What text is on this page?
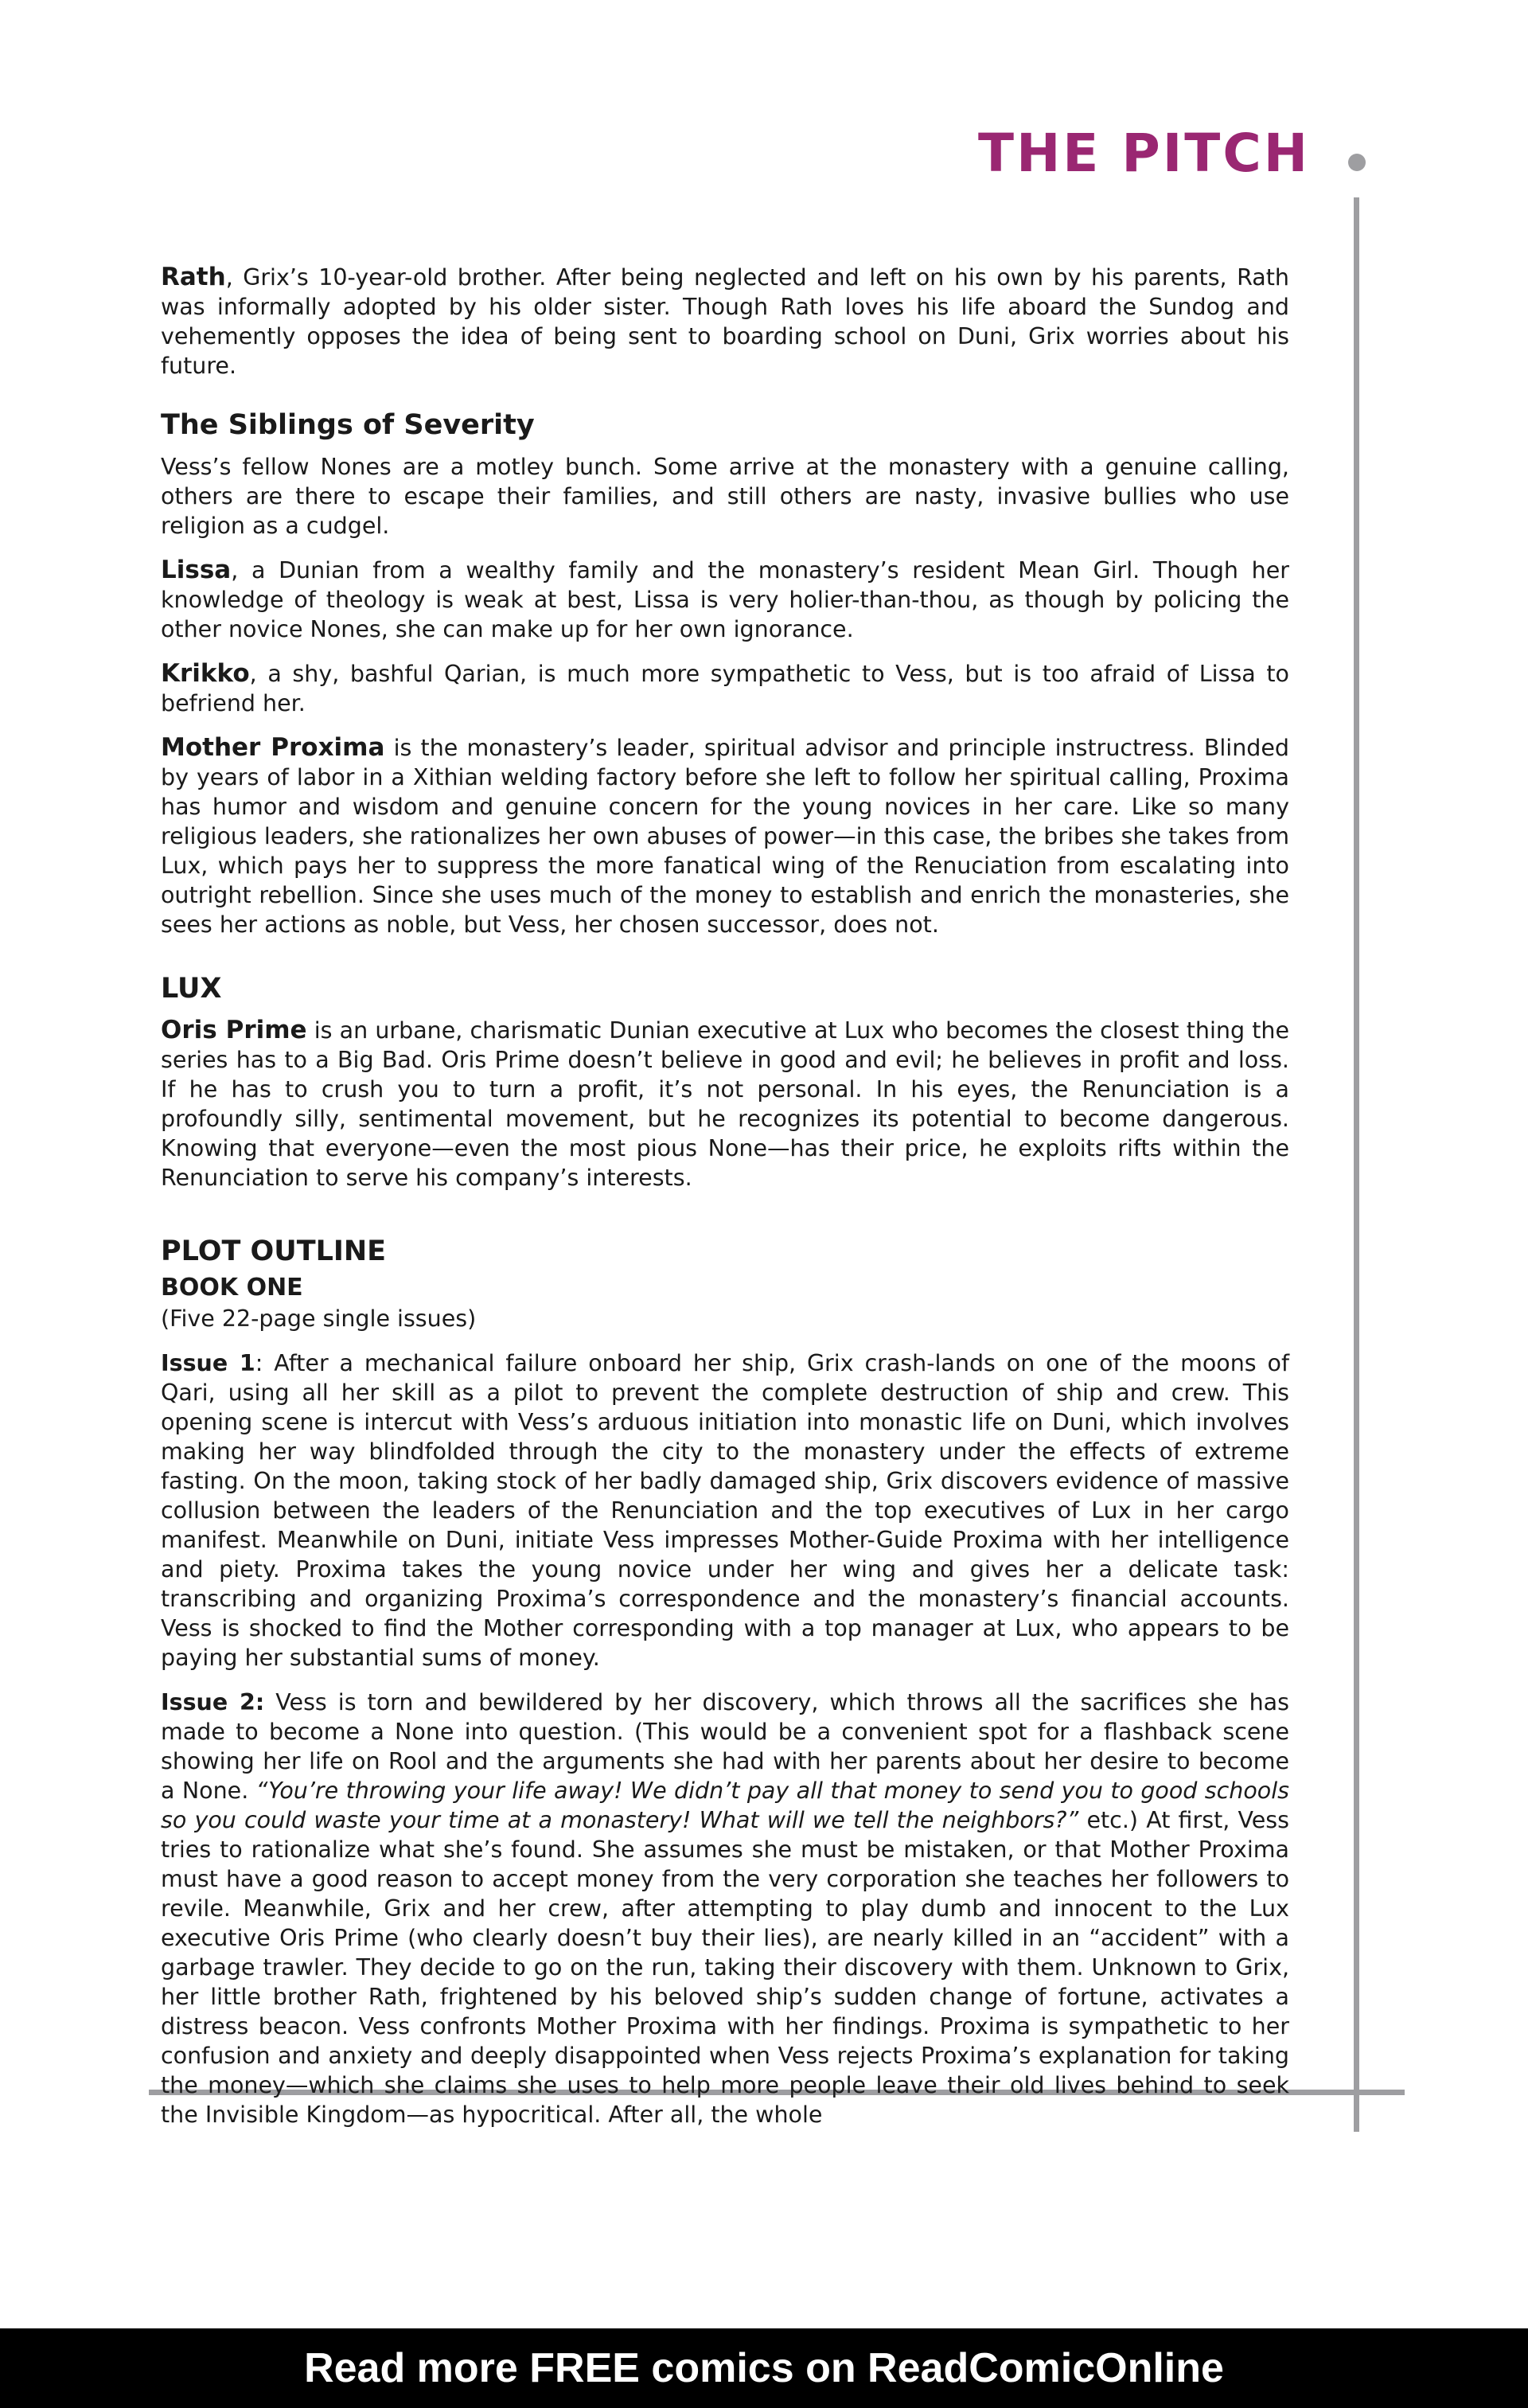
THE PITCH

Rath, Grix’s 10-year-old brother. After being neglected and left on his own by his parents, Rath was informally adopted by his older sister. Though Rath loves his life aboard the Sundog and vehemently opposes the idea of being sent to boarding school on Duni, Grix worries about his future.

The Siblings of Severity

Vess’s fellow Nones are a motley bunch. Some arrive at the monastery with a genuine calling, others are there to escape their families, and still others are nasty, invasive bullies who use religion as a cudgel.

Lissa, a Dunian from a wealthy family and the monastery’s resident Mean Girl. Though her knowledge of theology is weak at best, Lissa is very holier-than-thou, as though by policing the other novice Nones, she can make up for her own ignorance.

Krikko, a shy, bashful Qarian, is much more sympathetic to Vess, but is too afraid of Lissa to befriend her.

Mother Proxima is the monastery’s leader, spiritual advisor and principle instructress. Blinded by years of labor in a Xithian welding factory before she left to follow her spiritual calling, Proxima has humor and wisdom and genuine concern for the young novices in her care. Like so many religious leaders, she rationalizes her own abuses of power—in this case, the bribes she takes from Lux, which pays her to suppress the more fanatical wing of the Renuciation from escalating into outright rebellion. Since she uses much of the money to establish and enrich the monasteries, she sees her actions as noble, but Vess, her chosen successor, does not.

LUX

Oris Prime is an urbane, charismatic Dunian executive at Lux who becomes the closest thing the series has to a Big Bad. Oris Prime doesn’t believe in good and evil; he believes in profit and loss. If he has to crush you to turn a profit, it’s not personal. In his eyes, the Renunciation is a profoundly silly, sentimental movement, but he recognizes its potential to become dangerous. Knowing that everyone—even the most pious None—has their price, he exploits rifts within the Renunciation to serve his company’s interests.

PLOT OUTLINE
BOOK ONE

(Five 22-page single issues)

Issue 1: After a mechanical failure onboard her ship, Grix crash-lands on one of the moons of Qari, using all her skill as a pilot to prevent the complete destruction of ship and crew. This opening scene is intercut with Vess’s arduous initiation into monastic life on Duni, which involves making her way blindfolded through the city to the monastery under the effects of extreme fasting. On the moon, taking stock of her badly damaged ship, Grix discovers evidence of massive collusion between the leaders of the Renunciation and the top executives of Lux in her cargo manifest. Meanwhile on Duni, initiate Vess impresses Mother-Guide Proxima with her intelligence and piety. Proxima takes the young novice under her wing and gives her a delicate task: transcribing and organizing Proxima’s correspondence and the monastery’s financial accounts. Vess is shocked to find the Mother corresponding with a top manager at Lux, who appears to be paying her substantial sums of money.

Issue 2: Vess is torn and bewildered by her discovery, which throws all the sacrifices she has made to become a None into question. (This would be a convenient spot for a flashback scene showing her life on Rool and the arguments she had with her parents about her desire to become a None. “You’re throwing your life away! We didn’t pay all that money to send you to good schools so you could waste your time at a monastery! What will we tell the neighbors?” etc.) At first, Vess tries to rationalize what she’s found. She assumes she must be mistaken, or that Mother Proxima must have a good reason to accept money from the very corporation she teaches her followers to revile. Meanwhile, Grix and her crew, after attempting to play dumb and innocent to the Lux executive Oris Prime (who clearly doesn’t buy their lies), are nearly killed in an “accident” with a garbage trawler. They decide to go on the run, taking their discovery with them. Unknown to Grix, her little brother Rath, frightened by his beloved ship’s sudden change of fortune, activates a distress beacon. Vess confronts Mother Proxima with her findings. Proxima is sympathetic to her confusion and anxiety and deeply disappointed when Vess rejects Proxima’s explanation for taking the money—which she claims she uses to help more people leave their old lives behind to seek the Invisible Kingdom—as hypocritical. After all, the whole

Read more FREE comics on ReadComicOnline
